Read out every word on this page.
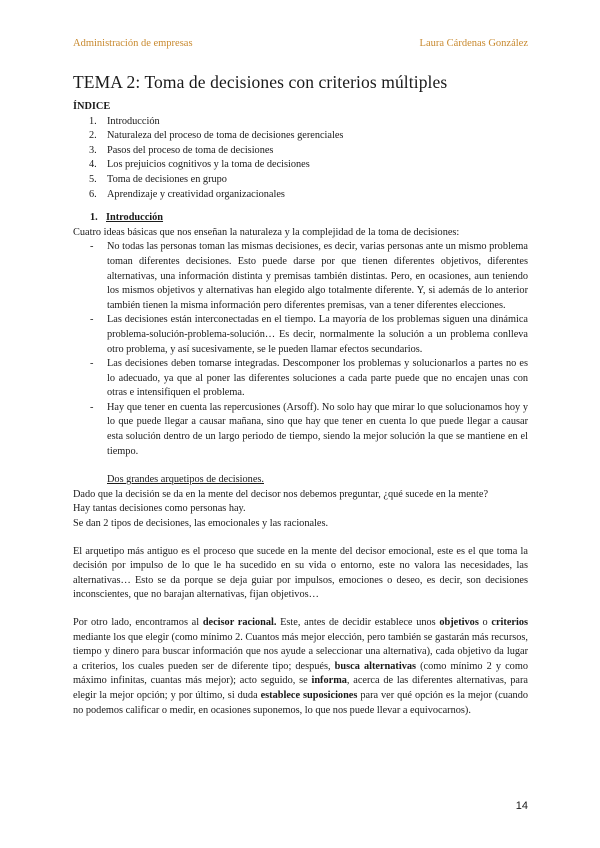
Administración de empresas	Laura Cárdenas González
TEMA 2: Toma de decisiones con criterios múltiples

ÍNDICE

1. Introducción
2. Naturaleza del proceso de toma de decisiones gerenciales
3. Pasos del proceso de toma de decisiones
4. Los prejuicios cognitivos y la toma de decisiones
5. Toma de decisiones en grupo
6. Aprendizaje y creatividad organizacionales
1. Introducción

Cuatro ideas básicas que nos enseñan la naturaleza y la complejidad de la toma de decisiones:

- No todas las personas toman las mismas decisiones, es decir, varias personas ante un mismo problema toman diferentes decisiones. Esto puede darse por que tienen diferentes objetivos, diferentes alternativas, una información distinta y premisas también distintas. Pero, en ocasiones, aun teniendo los mismos objetivos y alternativas han elegido algo totalmente diferente. Y, si además de lo anterior también tienen la misma información pero diferentes premisas, van a tener diferentes elecciones.
- Las decisiones están interconectadas en el tiempo. La mayoría de los problemas siguen una dinámica problema-solución-problema-solución… Es decir, normalmente la solución a un problema conlleva otro problema, y así sucesivamente, se le pueden llamar efectos secundarios.
- Las decisiones deben tomarse integradas. Descomponer los problemas y solucionarlos a partes no es lo adecuado, ya que al poner las diferentes soluciones a cada parte puede que no encajen unas con otras e intensifiquen el problema.
- Hay que tener en cuenta las repercusiones (Arsoff). No solo hay que mirar lo que solucionamos hoy y lo que puede llegar a causar mañana, sino que hay que tener en cuenta lo que puede llegar a causar esta solución dentro de un largo periodo de tiempo, siendo la mejor solución la que se mantiene en el tiempo.

Dos grandes arquetipos de decisiones.

Dado que la decisión se da en la mente del decisor nos debemos preguntar, ¿qué sucede en la mente?

Hay tantas decisiones como personas hay.

Se dan 2 tipos de decisiones, las emocionales y las racionales.

El arquetipo más antiguo es el proceso que sucede en la mente del decisor emocional, este es el que toma la decisión por impulso de lo que le ha sucedido en su vida o entorno, este no valora las necesidades, las alternativas… Esto se da porque se deja guiar por impulsos, emociones o deseo, es decir, son decisiones inconscientes, que no barajan alternativas, fijan objetivos…

Por otro lado, encontramos al decisor racional. Este, antes de decidir establece unos objetivos o criterios mediante los que elegir (como mínimo 2. Cuantos más mejor elección, pero también se gastarán más recursos, tiempo y dinero para buscar información que nos ayude a seleccionar una alternativa), cada objetivo da lugar a criterios, los cuales pueden ser de diferente tipo; después, busca alternativas (como mínimo 2 y como máximo infinitas, cuantas más mejor); acto seguido, se informa, acerca de las diferentes alternativas, para elegir la mejor opción; y por último, si duda establece suposiciones para ver qué opción es la mejor (cuando no podemos calificar o medir, en ocasiones suponemos, lo que nos puede llevar a equivocarnos).

14
